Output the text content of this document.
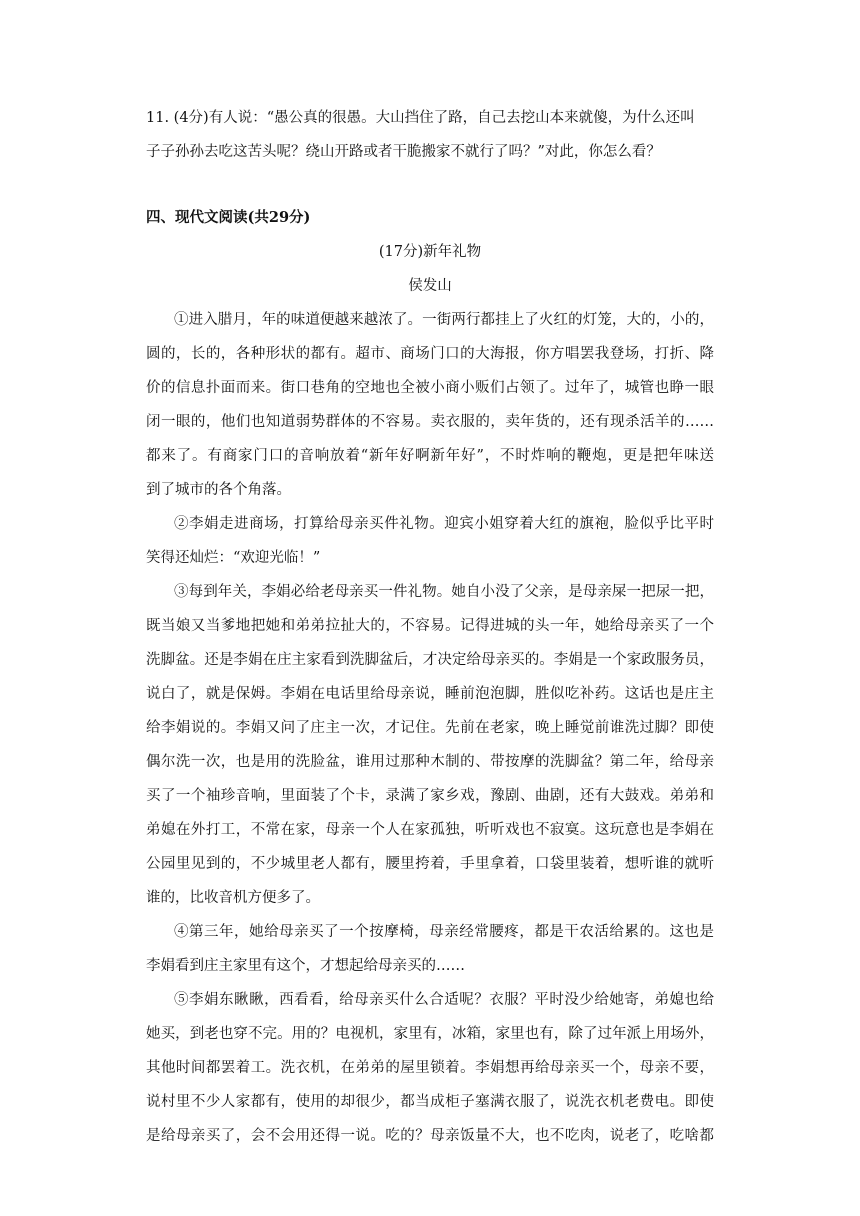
11. (4分)有人说：“愚公真的很愚。大山挡住了路，自己去挖山本来就傻，为什么还叫
子子孙孙去吃这苦头呢？绕山开路或者干脆搬家不就行了吗？”对此，你怎么看？
四、现代文阅读(共29分)
(17分)新年礼物
侯发山
①进入腊月，年的味道便越来越浓了。一街两行都挂上了火红的灯笼，大的，小的，
圆的，长的，各种形状的都有。超市、商场门口的大海报，你方唱罢我登场，打折、降
价的信息扑面而来。街口巷角的空地也全被小商小贩们占领了。过年了，城管也睁一眼
闭一眼的，他们也知道弱势群体的不容易。卖衣服的，卖年货的，还有现杀活羊的……
都来了。有商家门口的音响放着“新年好啊新年好”，不时炸响的鞭炮，更是把年味送
到了城市的各个角落。
②李娟走进商场，打算给母亲买件礼物。迎宾小姐穿着大红的旗袍，脸似乎比平时
笑得还灿烂：“欢迎光临！”
③每到年关，李娟必给老母亲买一件礼物。她自小没了父亲，是母亲屎一把尿一把，
既当娘又当爹地把她和弟弟拉扯大的，不容易。记得进城的头一年，她给母亲买了一个
洗脚盆。还是李娟在庄主家看到洗脚盆后，才决定给母亲买的。李娟是一个家政服务员，
说白了，就是保姆。李娟在电话里给母亲说，睡前泡泡脚，胜似吃补药。这话也是庄主
给李娟说的。李娟又问了庄主一次，才记住。先前在老家，晚上睡觉前谁洗过脚？即使
偶尔洗一次，也是用的洗脸盆，谁用过那种木制的、带按摩的洗脚盆？第二年，给母亲
买了一个袖珍音响，里面装了个卡，录满了家乡戏，豫剧、曲剧，还有大鼓戏。弟弟和
弟媳在外打工，不常在家，母亲一个人在家孤独，听听戏也不寂寞。这玩意也是李娟在
公园里见到的，不少城里老人都有，腰里挎着，手里拿着，口袋里装着，想听谁的就听
谁的，比收音机方便多了。
④第三年，她给母亲买了一个按摩椅，母亲经常腰疼，都是干农活给累的。这也是
李娟看到庄主家里有这个，才想起给母亲买的……
⑤李娟东瞅瞅，西看看，给母亲买什么合适呢？衣服？平时没少给她寄，弟媳也给
她买，到老也穿不完。用的？电视机，家里有，冰箱，家里也有，除了过年派上用场外，
其他时间都罢着工。洗衣机，在弟弟的屋里锁着。李娟想再给母亲买一个，母亲不要，
说村里不少人家都有，使用的却很少，都当成柜子塞满衣服了，说洗衣机老费电。即使
是给母亲买了，会不会用还得一说。吃的？母亲饭量不大，也不吃肉，说老了，吃啥都
